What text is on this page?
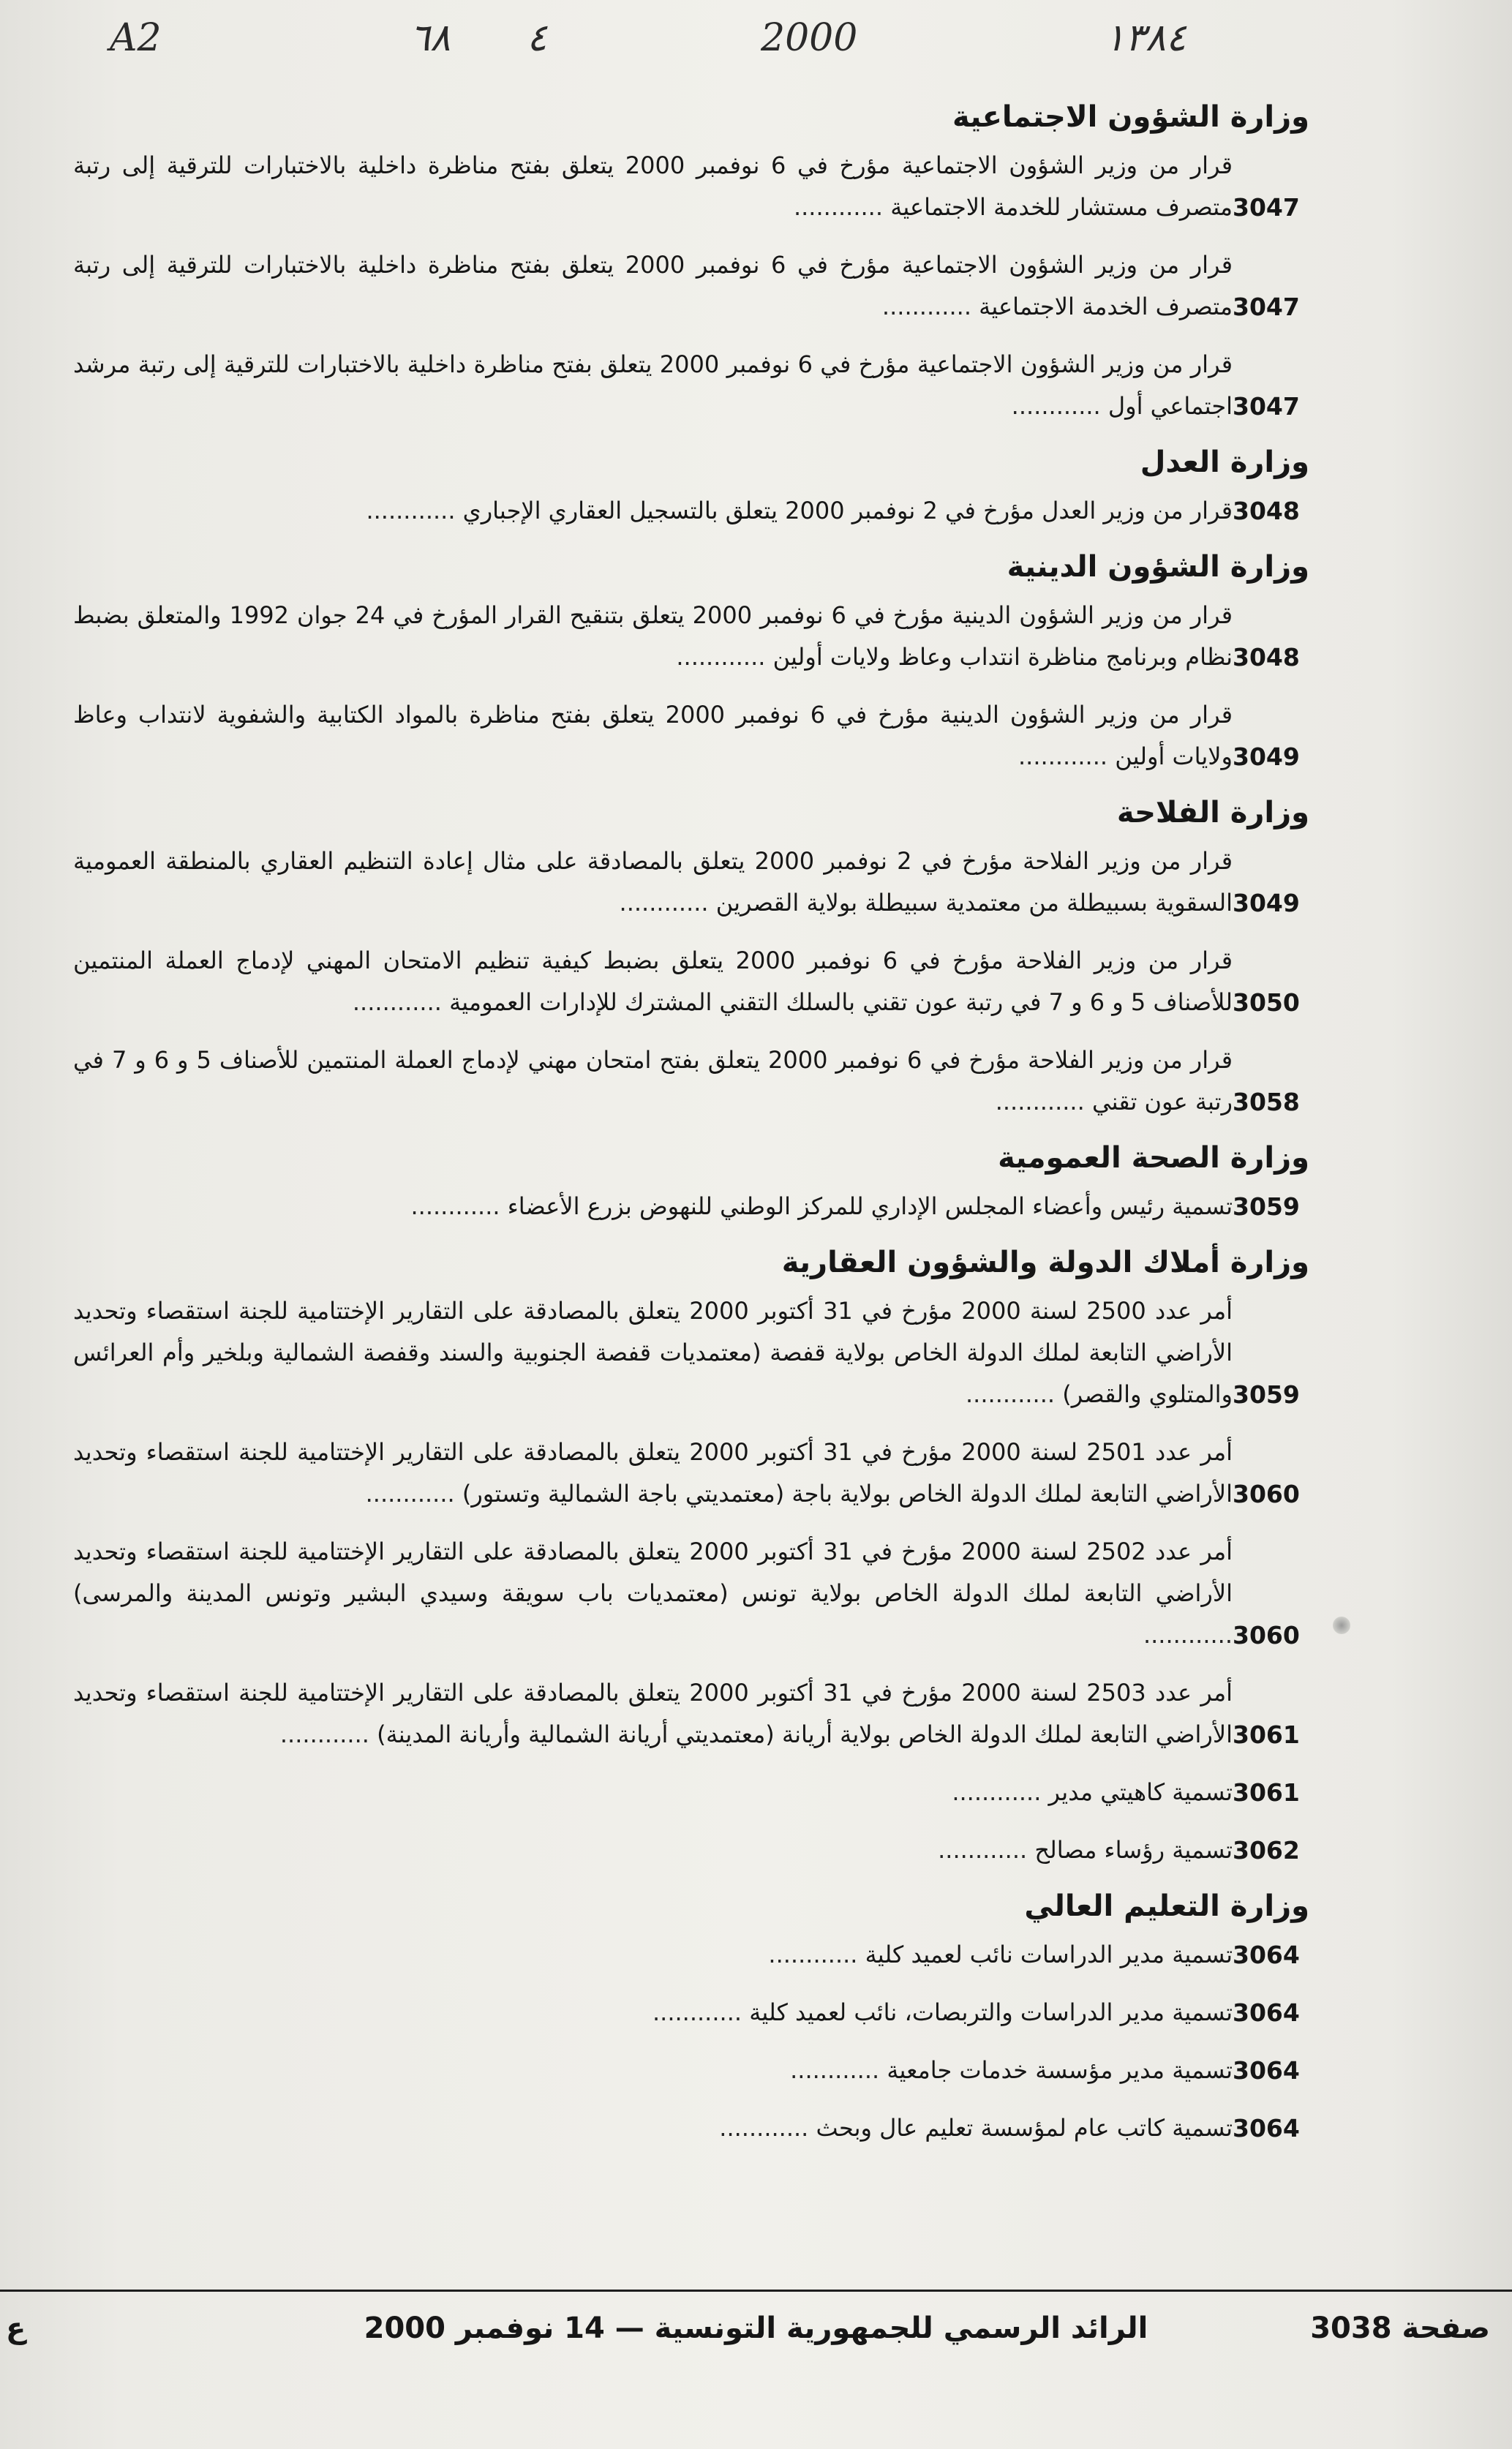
A2	٦٨ ٤	2000	١٣٨٤
وزارة الشؤون الاجتماعية
قرار من وزير الشؤون الاجتماعية مؤرخ في 6 نوفمبر 2000 يتعلق بفتح مناظرة داخلية بالاختبارات للترقية إلى رتبة متصرف مستشار للخدمة الاجتماعية ............	3047
قرار من وزير الشؤون الاجتماعية مؤرخ في 6 نوفمبر 2000 يتعلق بفتح مناظرة داخلية بالاختبارات للترقية إلى رتبة متصرف الخدمة الاجتماعية ............	3047
قرار من وزير الشؤون الاجتماعية مؤرخ في 6 نوفمبر 2000 يتعلق بفتح مناظرة داخلية بالاختبارات للترقية إلى رتبة مرشد اجتماعي أول ............	3047
وزارة العدل
قرار من وزير العدل مؤرخ في 2 نوفمبر 2000 يتعلق بالتسجيل العقاري الإجباري ............	3048
وزارة الشؤون الدينية
قرار من وزير الشؤون الدينية مؤرخ في 6 نوفمبر 2000 يتعلق بتنقيح القرار المؤرخ في 24 جوان 1992 والمتعلق بضبط نظام وبرنامج مناظرة انتداب وعاظ ولايات أولين ............	3048
قرار من وزير الشؤون الدينية مؤرخ في 6 نوفمبر 2000 يتعلق بفتح مناظرة بالمواد الكتابية والشفوية لانتداب وعاظ ولايات أولين ............	3049
وزارة الفلاحة
قرار من وزير الفلاحة مؤرخ في 2 نوفمبر 2000 يتعلق بالمصادقة على مثال إعادة التنظيم العقاري بالمنطقة العمومية السقوية بسبيطلة من معتمدية سبيطلة بولاية القصرين ............	3049
قرار من وزير الفلاحة مؤرخ في 6 نوفمبر 2000 يتعلق بضبط كيفية تنظيم الامتحان المهني لإدماج العملة المنتمين للأصناف 5 و 6 و 7 في رتبة عون تقني بالسلك التقني المشترك للإدارات العمومية ............	3050
قرار من وزير الفلاحة مؤرخ في 6 نوفمبر 2000 يتعلق بفتح امتحان مهني لإدماج العملة المنتمين للأصناف 5 و 6 و 7 في رتبة عون تقني ............	3058
وزارة الصحة العمومية
تسمية رئيس وأعضاء المجلس الإداري للمركز الوطني للنهوض بزرع الأعضاء ............	3059
وزارة أملاك الدولة والشؤون العقارية
أمر عدد 2500 لسنة 2000 مؤرخ في 31 أكتوبر 2000 يتعلق بالمصادقة على التقارير الإختتامية للجنة استقصاء وتحديد الأراضي التابعة لملك الدولة الخاص بولاية قفصة (معتمديات قفصة الجنوبية والسند وقفصة الشمالية وبلخير وأم العرائس والمتلوي والقصر) ............	3059
أمر عدد 2501 لسنة 2000 مؤرخ في 31 أكتوبر 2000 يتعلق بالمصادقة على التقارير الإختتامية للجنة استقصاء وتحديد الأراضي التابعة لملك الدولة الخاص بولاية باجة (معتمديتي باجة الشمالية وتستور) ............	3060
أمر عدد 2502 لسنة 2000 مؤرخ في 31 أكتوبر 2000 يتعلق بالمصادقة على التقارير الإختتامية للجنة استقصاء وتحديد الأراضي التابعة لملك الدولة الخاص بولاية تونس (معتمديات باب سويقة وسيدي البشير وتونس المدينة والمرسى) ............ 3060
أمر عدد 2503 لسنة 2000 مؤرخ في 31 أكتوبر 2000 يتعلق بالمصادقة على التقارير الإختتامية للجنة استقصاء وتحديد الأراضي التابعة لملك الدولة الخاص بولاية أريانة (معتمديتي أريانة الشمالية وأريانة المدينة) ............	3061
تسمية كاهيتي مدير ............	3061
تسمية رؤساء مصالح ............	3062
وزارة التعليم العالي
تسمية مدير الدراسات نائب لعميد كلية ............	3064
تسمية مدير الدراسات والتربصات، نائب لعميد كلية ............	3064
تسمية مدير مؤسسة خدمات جامعية ............	3064
تسمية كاتب عام لمؤسسة تعليم عال وبحث ............	3064
صفحة 3038
الرائد الرسمي للجمهورية التونسية — 14 نوفمبر 2000
ع
